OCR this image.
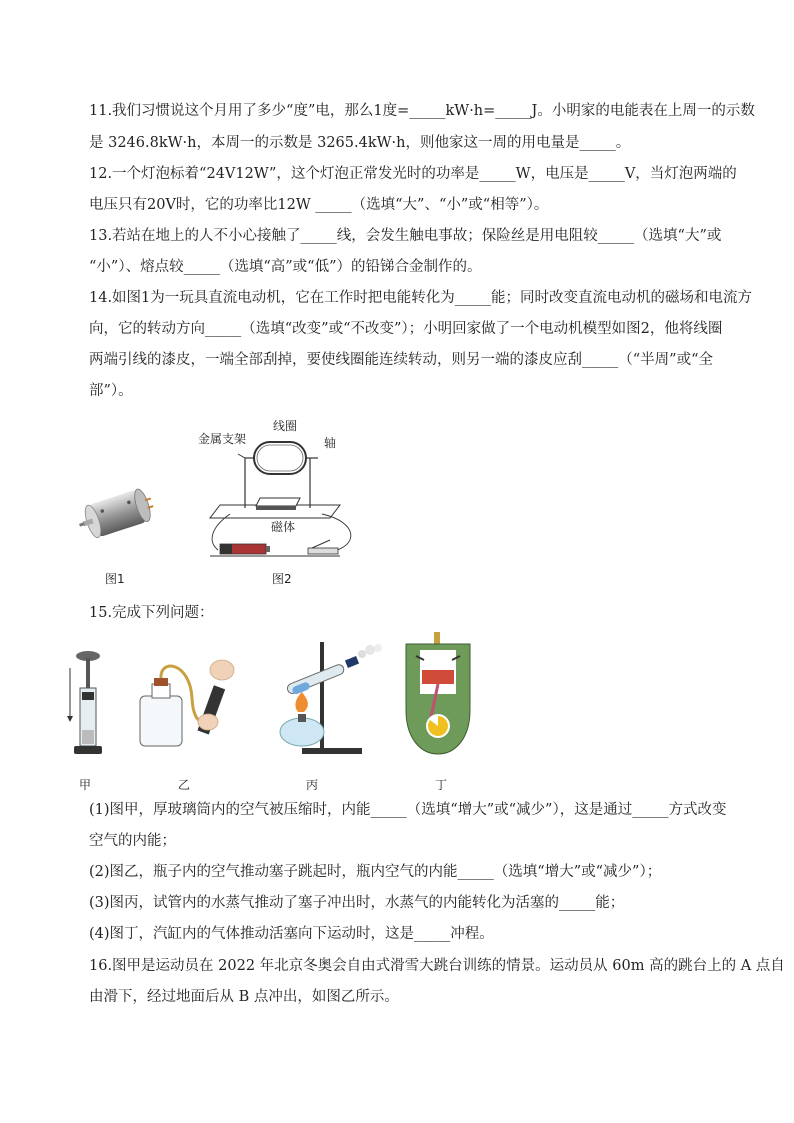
11.我们习惯说这个月用了多少“度”电，那么1度=_____kW·h=_____J。小明家的电能表在上周一的示数
是 3246.8kW·h，本周一的示数是 3265.4kW·h，则他家这一周的用电量是_____。
12.一个灯泡标着“24V12W”，这个灯泡正常发光时的功率是_____W，电压是_____V，当灯泡两端的
电压只有20V时，它的功率比12W _____（选填“大”、“小”或“相等”）。
13.若站在地上的人不小心接触了_____线，会发生触电事故；保险丝是用电阻较_____（选填“大”或
“小”）、熔点较_____（选填“高”或“低”）的铅锑合金制作的。
14.如图1为一玩具直流电动机，它在工作时把电能转化为_____能；同时改变直流电动机的磁场和电流方
向，它的转动方向_____（选填“改变”或“不改变”）；小明回家做了一个电动机模型如图2，他将线圈
两端引线的漆皮，一端全部刮掉，要使线圈能连续转动，则另一端的漆皮应刮_____（“半周”或“全
部”）。
金属支架
线圈
轴
磁体
图1	图2
15.完成下列问题：
甲	乙	丙	丁
(1)图甲，厚玻璃筒内的空气被压缩时，内能_____（选填“增大”或“减少”），这是通过_____方式改变
空气的内能；
(2)图乙，瓶子内的空气推动塞子跳起时，瓶内空气的内能_____（选填“增大”或“减少”）；
(3)图丙，试管内的水蒸气推动了塞子冲出时，水蒸气的内能转化为活塞的_____能；
(4)图丁，汽缸内的气体推动活塞向下运动时，这是_____冲程。
16.图甲是运动员在 2022 年北京冬奥会自由式滑雪大跳台训练的情景。运动员从 60m 高的跳台上的 A 点自
由滑下，经过地面后从 B 点冲出，如图乙所示。
